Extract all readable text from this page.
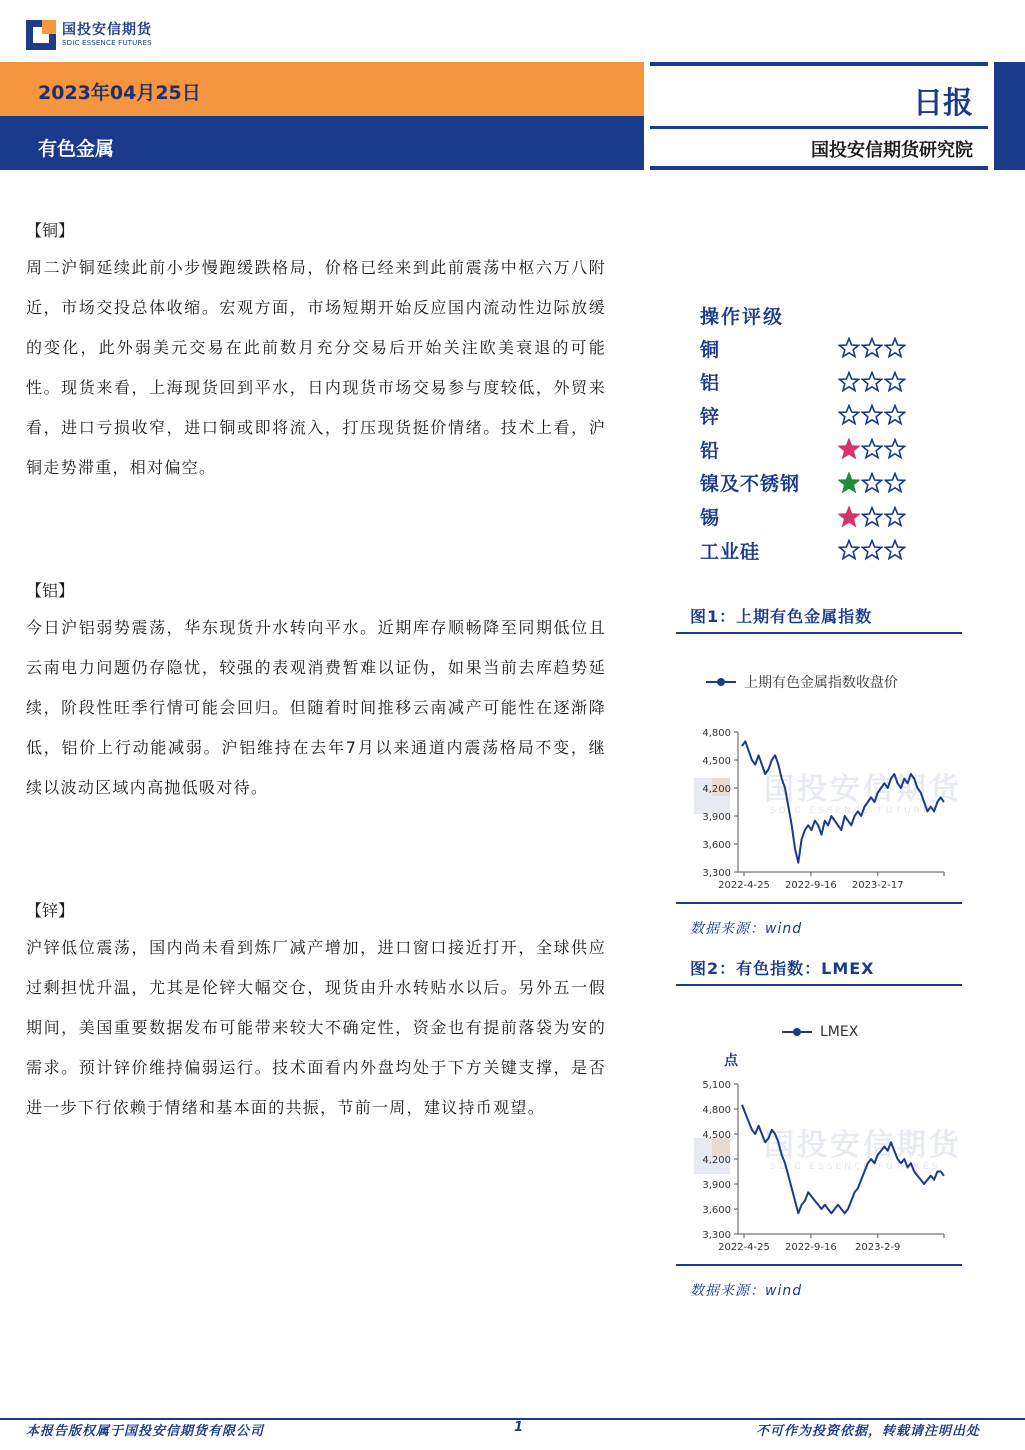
国投安信期货
SDIC ESSENCE FUTURES
2023年04月25日
有色金属
日报
国投安信期货研究院
【铜】
周二沪铜延续此前小步慢跑缓跌格局，价格已经来到此前震荡中枢六万八附近，市场交投总体收缩。宏观方面，市场短期开始反应国内流动性边际放缓的变化，此外弱美元交易在此前数月充分交易后开始关注欧美衰退的可能性。现货来看，上海现货回到平水，日内现货市场交易参与度较低，外贸来看，进口亏损收窄，进口铜或即将流入，打压现货挺价情绪。技术上看，沪铜走势滞重，相对偏空。
【铝】
今日沪铝弱势震荡，华东现货升水转向平水。近期库存顺畅降至同期低位且云南电力问题仍存隐忧，较强的表观消费暂难以证伪，如果当前去库趋势延续，阶段性旺季行情可能会回归。但随着时间推移云南减产可能性在逐渐降低，铝价上行动能减弱。沪铝维持在去年7月以来通道内震荡格局不变，继续以波动区域内高抛低吸对待。
【锌】
沪锌低位震荡，国内尚未看到炼厂减产增加，进口窗口接近打开，全球供应过剩担忧升温，尤其是伦锌大幅交仓，现货由升水转贴水以后。另外五一假期间，美国重要数据发布可能带来较大不确定性，资金也有提前落袋为安的需求。预计锌价维持偏弱运行。技术面看内外盘均处于下方关键支撑，是否进一步下行依赖于情绪和基本面的共振，节前一周，建议持币观望。
操作评级
铜
铝
锌
铅
镍及不锈钢
锡
工业硅
图1：上期有色金属指数
上期有色金属指数收盘价
国投安信期货
SDIC ESSENCE FUTURES
3,300
3,600
3,900
4,200
4,500
4,800
2022-4-25 2022-9-16 2023-2-17
数据来源：wind
图2：有色指数：LMEX
LMEX
点
国投安信期货
SDIC ESSENCE FUTURES
3,300
3,600
3,900
4,200
4,500
4,800
5,100
2022-4-25 2022-9-16 2023-2-9
数据来源：wind
本报告版权属于国投安信期货有限公司	1	不可作为投资依据，转载请注明出处
